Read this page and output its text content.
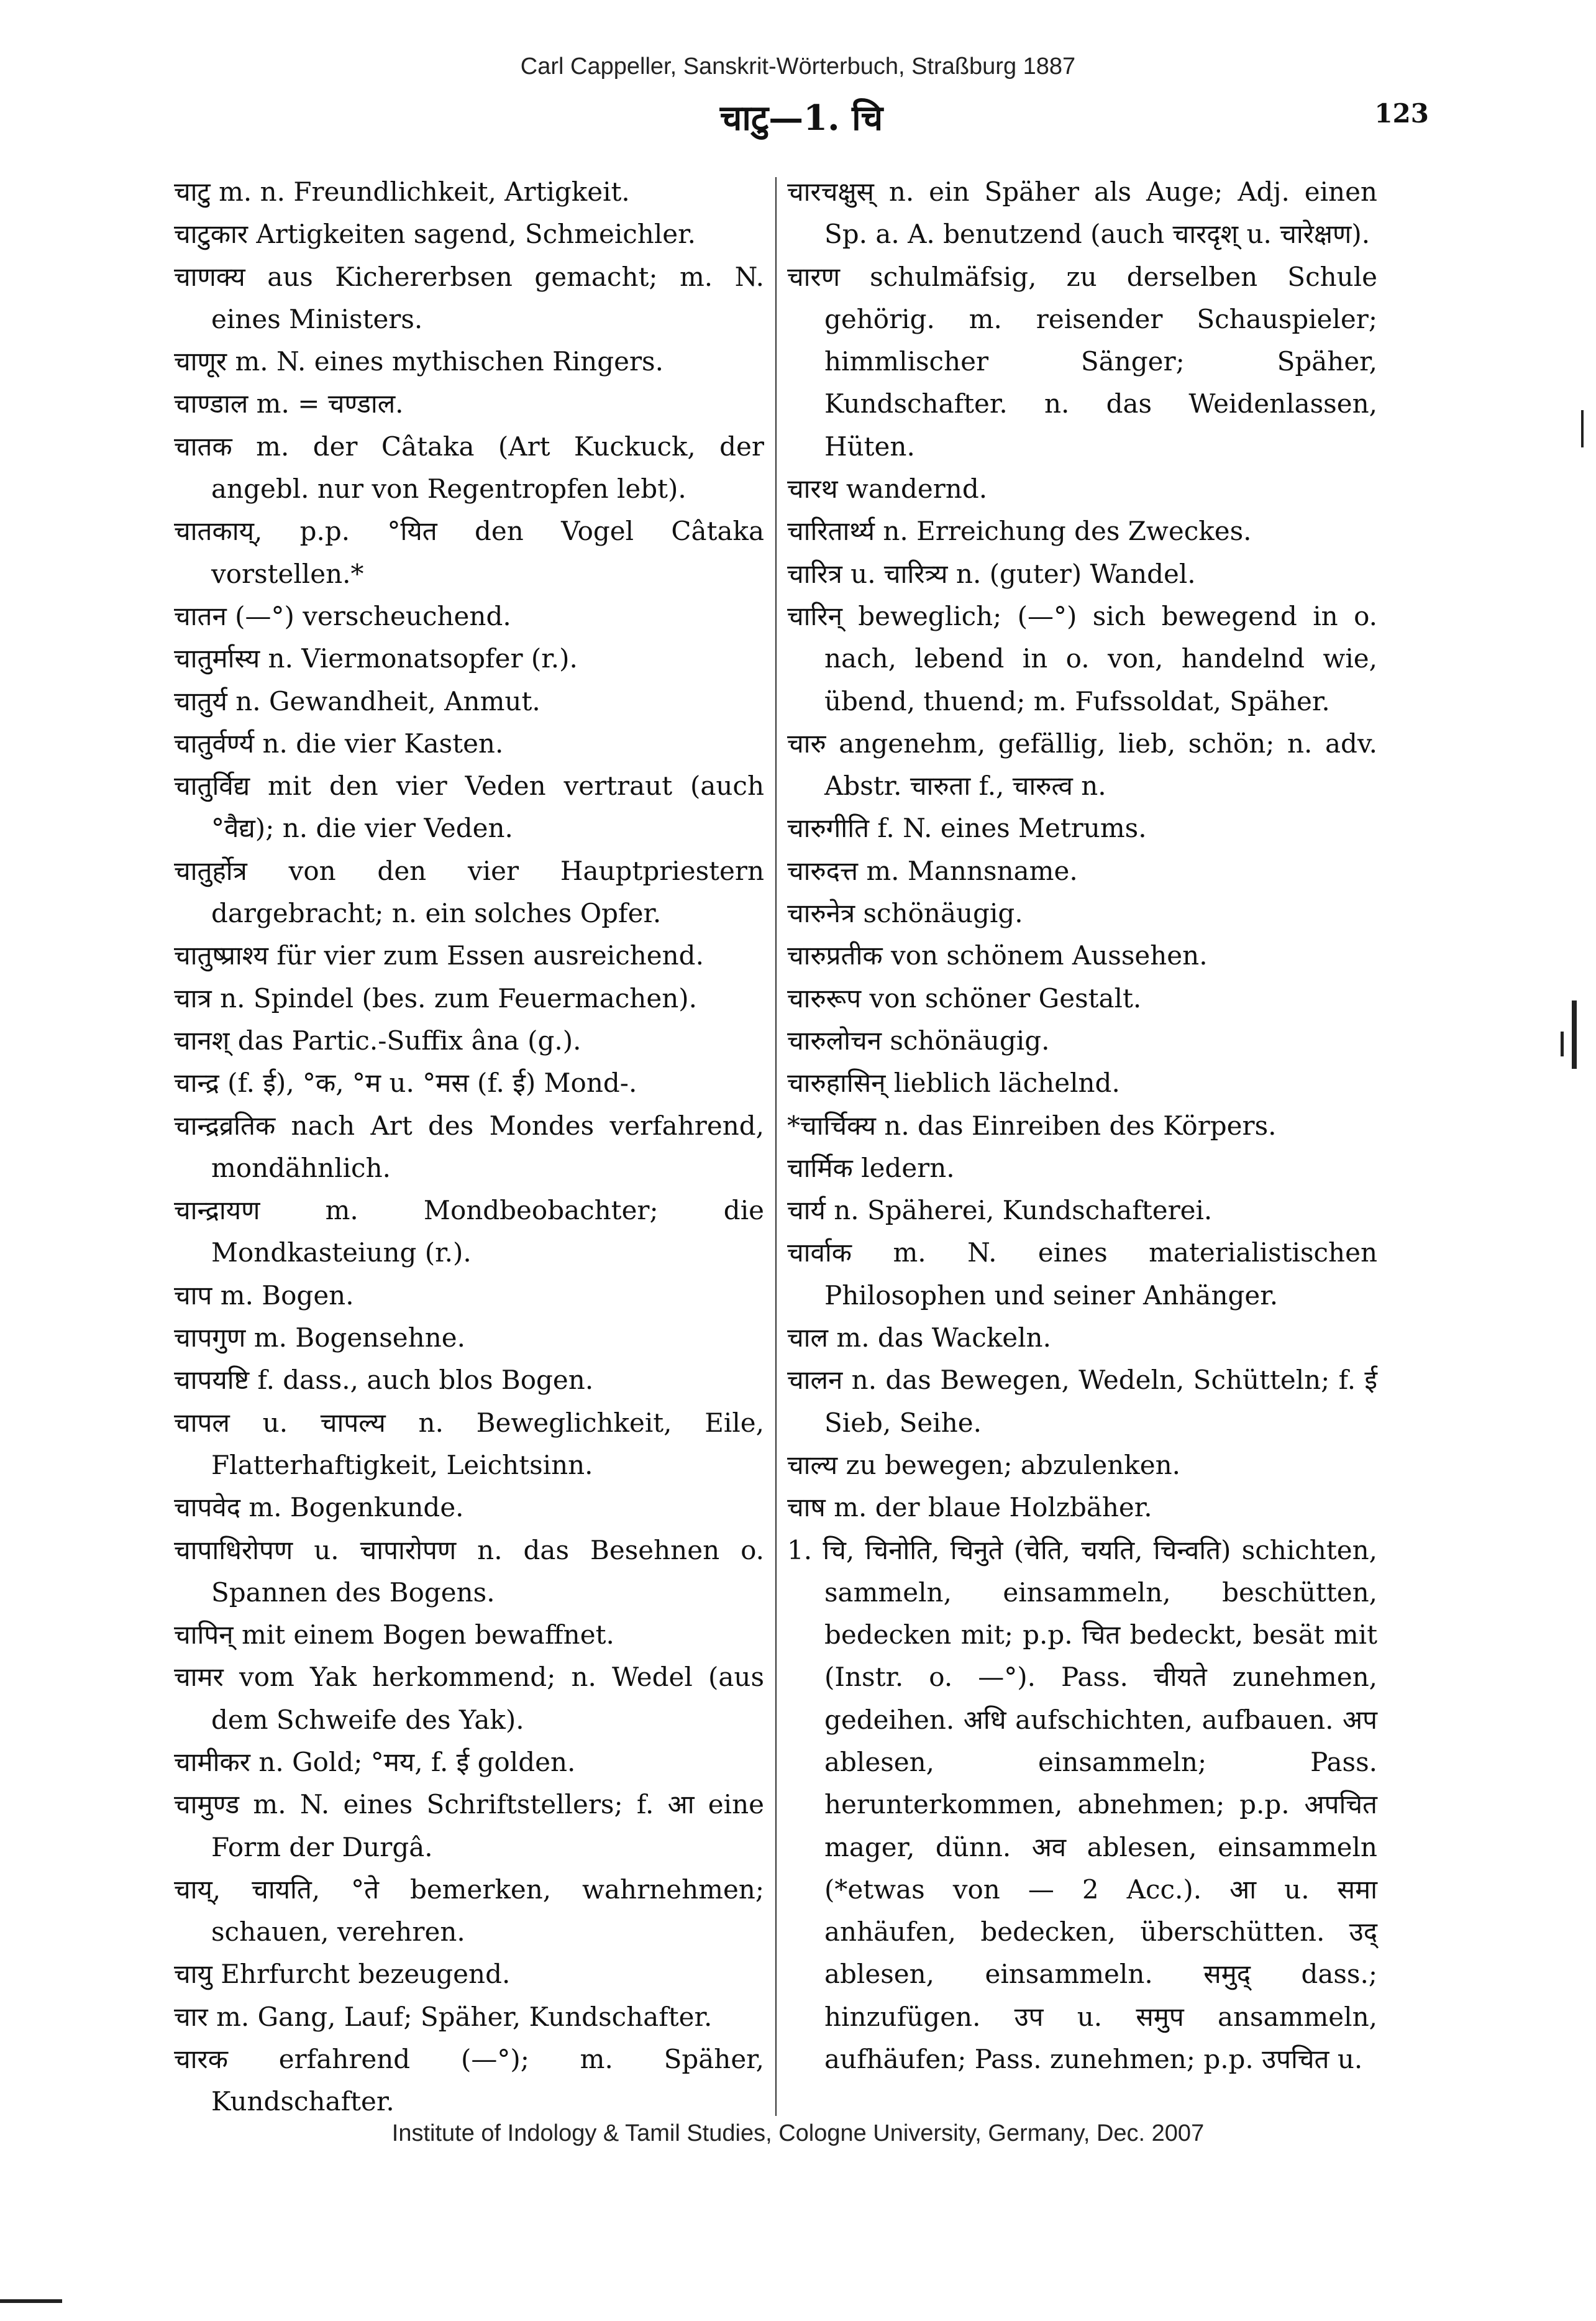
Carl Cappeller, Sanskrit-Wörterbuch, Straßburg 1887
चाटु—1. चि	123

चाटु m. n. Freundlichkeit, Artigkeit.

चाटुकार Artigkeiten sagend, Schmeichler.

चाणक्य aus Kichererbsen gemacht; m. N. eines Ministers.

चाणूर m. N. eines mythischen Ringers.

चाण्डाल m. = चण्डाल.

चातक m. der Câtaka (Art Kuckuck, der angebl. nur von Regentropfen lebt).

चातकाय्, p.p. °यित den Vogel Câtaka vorstellen.*

चातन (—°) verscheuchend.

चातुर्मास्य n. Viermonatsopfer (r.).

चातुर्य n. Gewandheit, Anmut.

चातुर्वर्ण्य n. die vier Kasten.

चातुर्विद्य mit den vier Veden vertraut (auch °वैद्य); n. die vier Veden.

चातुर्होत्र von den vier Hauptpriestern dargebracht; n. ein solches Opfer.

चातुष्प्राश्य für vier zum Essen ausreichend.

चात्र n. Spindel (bes. zum Feuermachen).

चानश् das Partic.-Suffix âna (g.).

चान्द्र (f. ई), °क, °म u. °मस (f. ई) Mond-.

चान्द्रव्रतिक nach Art des Mondes verfahrend, mondähnlich.

चान्द्रायण m. Mondbeobachter; die Mondkasteiung (r.).

चाप m. Bogen.

चापगुण m. Bogensehne.

चापयष्टि f. dass., auch blos Bogen.

चापल u. चापल्य n. Beweglichkeit, Eile, Flatterhaftigkeit, Leichtsinn.

चापवेद m. Bogenkunde.

चापाधिरोपण u. चापारोपण n. das Besehnen o. Spannen des Bogens.

चापिन् mit einem Bogen bewaffnet.

चामर vom Yak herkommend; n. Wedel (aus dem Schweife des Yak).

चामीकर n. Gold; °मय, f. ई golden.

चामुण्ड m. N. eines Schriftstellers; f. आ eine Form der Durgâ.

चाय्, चायति, °ते bemerken, wahrnehmen; schauen, verehren.

चायु Ehrfurcht bezeugend.

चार m. Gang, Lauf; Späher, Kundschafter.

चारक erfahrend (—°); m. Späher, Kundschafter.

चारचक्षुस् n. ein Späher als Auge; Adj. einen Sp. a. A. benutzend (auch चारदृश् u. चारेक्षण).

चारण schulmäfsig, zu derselben Schule gehörig. m. reisender Schauspieler; himmlischer Sänger; Späher, Kundschafter. n. das Weidenlassen, Hüten.

चारथ wandernd.

चारितार्थ्य n. Erreichung des Zweckes.

चारित्र u. चारित्र्य n. (guter) Wandel.

चारिन् beweglich; (—°) sich bewegend in o. nach, lebend in o. von, handelnd wie, übend, thuend; m. Fufssoldat, Späher.

चारु angenehm, gefällig, lieb, schön; n. adv. Abstr. चारुता f., चारुत्व n.

चारुगीति f. N. eines Metrums.

चारुदत्त m. Mannsname.

चारुनेत्र schönäugig.

चारुप्रतीक von schönem Aussehen.

चारुरूप von schöner Gestalt.

चारुलोचन schönäugig.

चारुहासिन् lieblich lächelnd.

*चार्चिक्य n. das Einreiben des Körpers.

चार्मिक ledern.

चार्य n. Späherei, Kundschafterei.

चार्वाक m. N. eines materialistischen Philosophen und seiner Anhänger.

चाल m. das Wackeln.

चालन n. das Bewegen, Wedeln, Schütteln; f. ई Sieb, Seihe.

चाल्य zu bewegen; abzulenken.

चाष m. der blaue Holzbäher.

1. चि, चिनोति, चिनुते (चेति, चयति, चिन्वति) schichten, sammeln, einsammeln, beschütten, bedecken mit; p.p. चित bedeckt, besät mit (Instr. o. —°). Pass. चीयते zunehmen, gedeihen. अधि aufschichten, aufbauen. अप ablesen, einsammeln; Pass. herunterkommen, abnehmen; p.p. अपचित mager, dünn. अव ablesen, einsammeln (*etwas von — 2 Acc.). आ u. समा anhäufen, bedecken, überschütten. उद् ablesen, einsammeln. समुद् dass.; hinzufügen. उप u. समुप ansammeln, aufhäufen; Pass. zunehmen; p.p. उपचित u.

Institute of Indology & Tamil Studies, Cologne University, Germany, Dec. 2007
